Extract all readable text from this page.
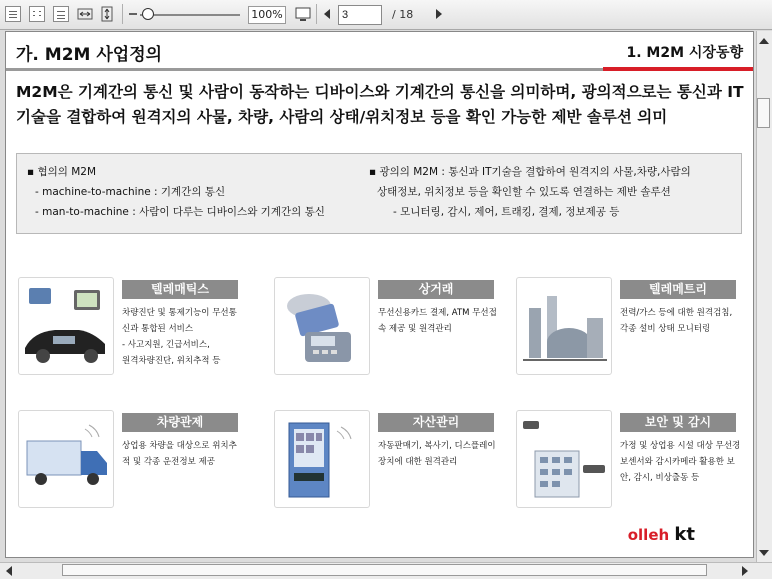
100%
3	/ 18
가. M2M 사업정의	1. M2M 시장동향
M2M은 기계간의 통신 및 사람이 동작하는 디바이스와 기계간의 통신을 의미하며, 광의적으로는 통신과 IT기술을 결합하여 원격지의 사물, 차량, 사람의 상태/위치정보 등을 확인 가능한 제반 솔루션 의미
▪ 협의의 M2M
- machine-to-machine : 기계간의 통신
- man-to-machine : 사람이 다루는 디바이스와 기계간의 통신
▪ 광의의 M2M : 통신과 IT기술을 결합하여 원격지의 사물,차량,사람의
상태정보, 위치정보 등을 확인할 수 있도록 연결하는 제반 솔루션
- 모니터링, 감시, 제어, 트래킹, 결제, 정보제공 등
텔레매틱스
차량진단 및 통제기능이 무선통신과 통합된 서비스
- 사고지원, 긴급서비스,
원격차량진단, 위치추적 등
상거래
무선신용카드 결제, ATM 무선접속 제공 및 원격관리
텔레메트리
전력/가스 등에 대한 원격검침, 각종 설비 상태 모니터링
차량관제
상업용 차량을 대상으로 위치추적 및 각종 운전정보 제공
자산관리
자동판매기, 복사기, 디스플레이 장치에 대한 원격관리
보안 및 감시
가정 및 상업용 시설 대상 무선경보센서와 감시카메라 활용한 보안, 감시, 비상출동 등
olleh kt
